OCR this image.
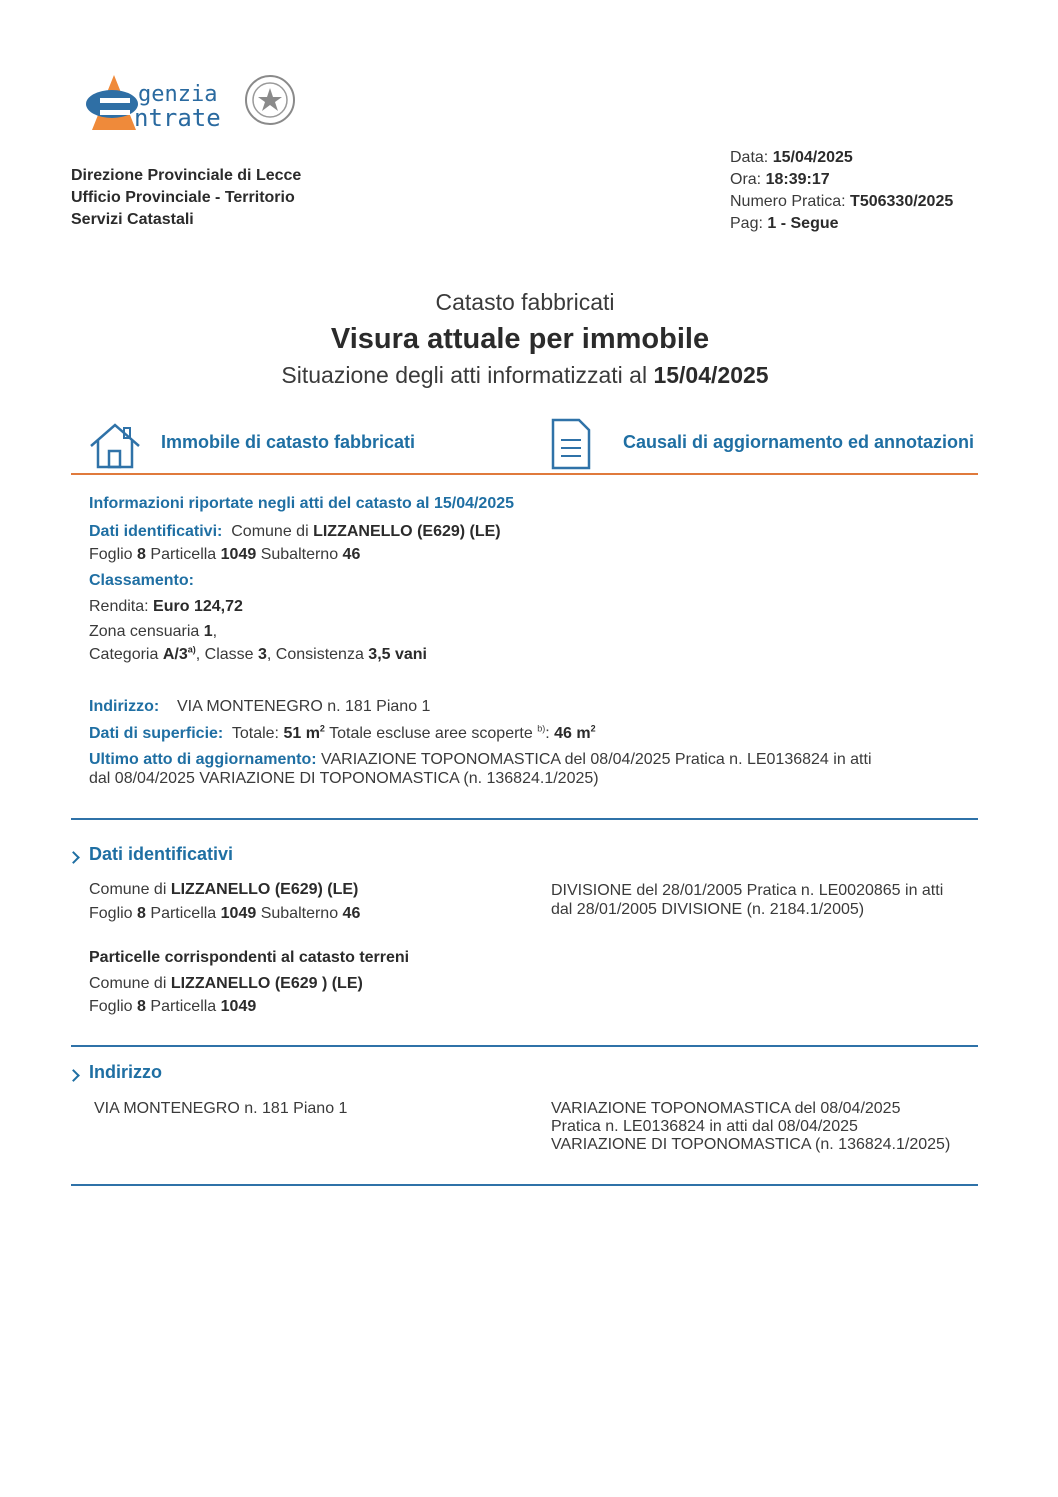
genzia
ntrate
Direzione Provinciale di Lecce
Ufficio Provinciale - Territorio
Servizi Catastali
Data: 15/04/2025
Ora: 18:39:17
Numero Pratica: T506330/2025
Pag: 1 - Segue
Catasto fabbricati
Visura attuale per immobile
Situazione degli atti informatizzati al 15/04/2025
Immobile di catasto fabbricati	Causali di aggiornamento ed annotazioni
Informazioni riportate negli atti del catasto al 15/04/2025
Dati identificativi: Comune di LIZZANELLO (E629) (LE)
Foglio 8 Particella 1049 Subalterno 46
Classamento:
Rendita: Euro 124,72
Zona censuaria 1,
Categoria A/3$^{a)}$, Classe 3, Consistenza 3,5 vani
Indirizzo: VIA MONTENEGRO n. 181 Piano 1
Dati di superficie: Totale: 51 $m^2$ Totale escluse aree scoperte $^{b)}$: 46 $m^2$
Ultimo atto di aggiornamento: VARIAZIONE TOPONOMASTICA del 08/04/2025 Pratica n. LE0136824 in atti
dal 08/04/2025 VARIAZIONE DI TOPONOMASTICA (n. 136824.1/2025)
Dati identificativi
Comune di LIZZANELLO (E629) (LE)
Foglio 8 Particella 1049 Subalterno 46
DIVISIONE del 28/01/2005 Pratica n. LE0020865 in atti
dal 28/01/2005 DIVISIONE (n. 2184.1/2005)
Particelle corrispondenti al catasto terreni
Comune di LIZZANELLO (E629 ) (LE)
Foglio 8 Particella 1049
Indirizzo
VIA MONTENEGRO n. 181 Piano 1	VARIAZIONE TOPONOMASTICA del 08/04/2025
Pratica n. LE0136824 in atti dal 08/04/2025
VARIAZIONE DI TOPONOMASTICA (n. 136824.1/2025)
